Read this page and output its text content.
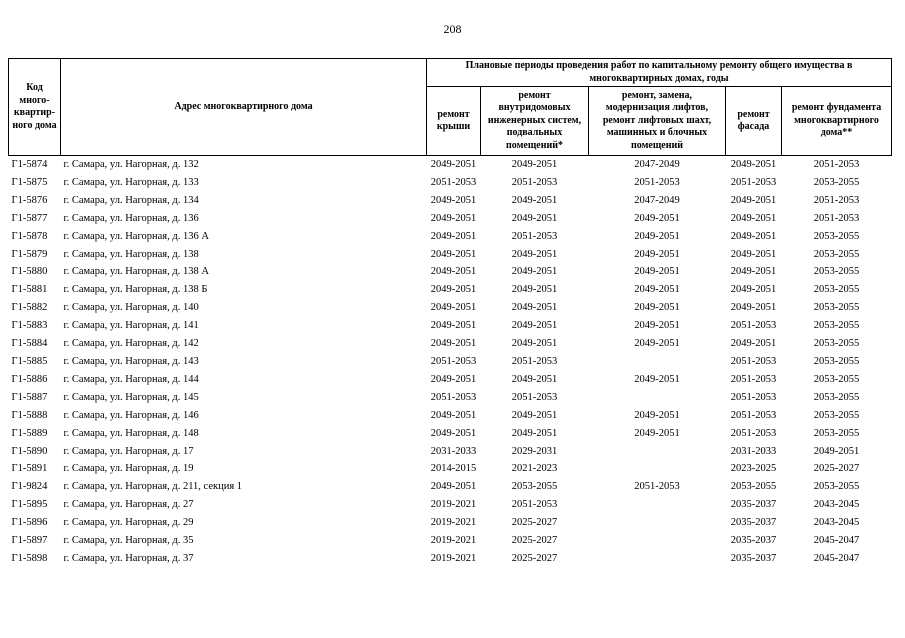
208
Код много-квартир-ного дома	Адрес многоквартирного дома	Плановые периоды проведения работ по капитальному ремонту общего имущества в многоквартирных домах, годы				
		ремонт крыши	ремонт внутридомовых инженерных систем, подвальных помещений*	ремонт, замена, модернизация лифтов, ремонт лифтовых шахт, машинных и блочных помещений	ремонт фасада	ремонт фундамента многоквартирного дома**
Г1-5874	г. Самара, ул. Нагорная, д. 132	2049-2051	2049-2051	2047-2049	2049-2051	2051-2053
Г1-5875	г. Самара, ул. Нагорная, д. 133	2051-2053	2051-2053	2051-2053	2051-2053	2053-2055
Г1-5876	г. Самара, ул. Нагорная, д. 134	2049-2051	2049-2051	2047-2049	2049-2051	2051-2053
Г1-5877	г. Самара, ул. Нагорная, д. 136	2049-2051	2049-2051	2049-2051	2049-2051	2051-2053
Г1-5878	г. Самара, ул. Нагорная, д. 136 А	2049-2051	2051-2053	2049-2051	2049-2051	2053-2055
Г1-5879	г. Самара, ул. Нагорная, д. 138	2049-2051	2049-2051	2049-2051	2049-2051	2053-2055
Г1-5880	г. Самара, ул. Нагорная, д. 138 А	2049-2051	2049-2051	2049-2051	2049-2051	2053-2055
Г1-5881	г. Самара, ул. Нагорная, д. 138 Б	2049-2051	2049-2051	2049-2051	2049-2051	2053-2055
Г1-5882	г. Самара, ул. Нагорная, д. 140	2049-2051	2049-2051	2049-2051	2049-2051	2053-2055
Г1-5883	г. Самара, ул. Нагорная, д. 141	2049-2051	2049-2051	2049-2051	2051-2053	2053-2055
Г1-5884	г. Самара, ул. Нагорная, д. 142	2049-2051	2049-2051	2049-2051	2049-2051	2053-2055
Г1-5885	г. Самара, ул. Нагорная, д. 143	2051-2053	2051-2053		2051-2053	2053-2055
Г1-5886	г. Самара, ул. Нагорная, д. 144	2049-2051	2049-2051	2049-2051	2051-2053	2053-2055
Г1-5887	г. Самара, ул. Нагорная, д. 145	2051-2053	2051-2053		2051-2053	2053-2055
Г1-5888	г. Самара, ул. Нагорная, д. 146	2049-2051	2049-2051	2049-2051	2051-2053	2053-2055
Г1-5889	г. Самара, ул. Нагорная, д. 148	2049-2051	2049-2051	2049-2051	2051-2053	2053-2055
Г1-5890	г. Самара, ул. Нагорная, д. 17	2031-2033	2029-2031		2031-2033	2049-2051
Г1-5891	г. Самара, ул. Нагорная, д. 19	2014-2015	2021-2023		2023-2025	2025-2027
Г1-9824	г. Самара, ул. Нагорная, д. 211, секция 1	2049-2051	2053-2055	2051-2053	2053-2055	2053-2055
Г1-5895	г. Самара, ул. Нагорная, д. 27	2019-2021	2051-2053		2035-2037	2043-2045
Г1-5896	г. Самара, ул. Нагорная, д. 29	2019-2021	2025-2027		2035-2037	2043-2045
Г1-5897	г. Самара, ул. Нагорная, д. 35	2019-2021	2025-2027		2035-2037	2045-2047
Г1-5898	г. Самара, ул. Нагорная, д. 37	2019-2021	2025-2027		2035-2037	2045-2047
